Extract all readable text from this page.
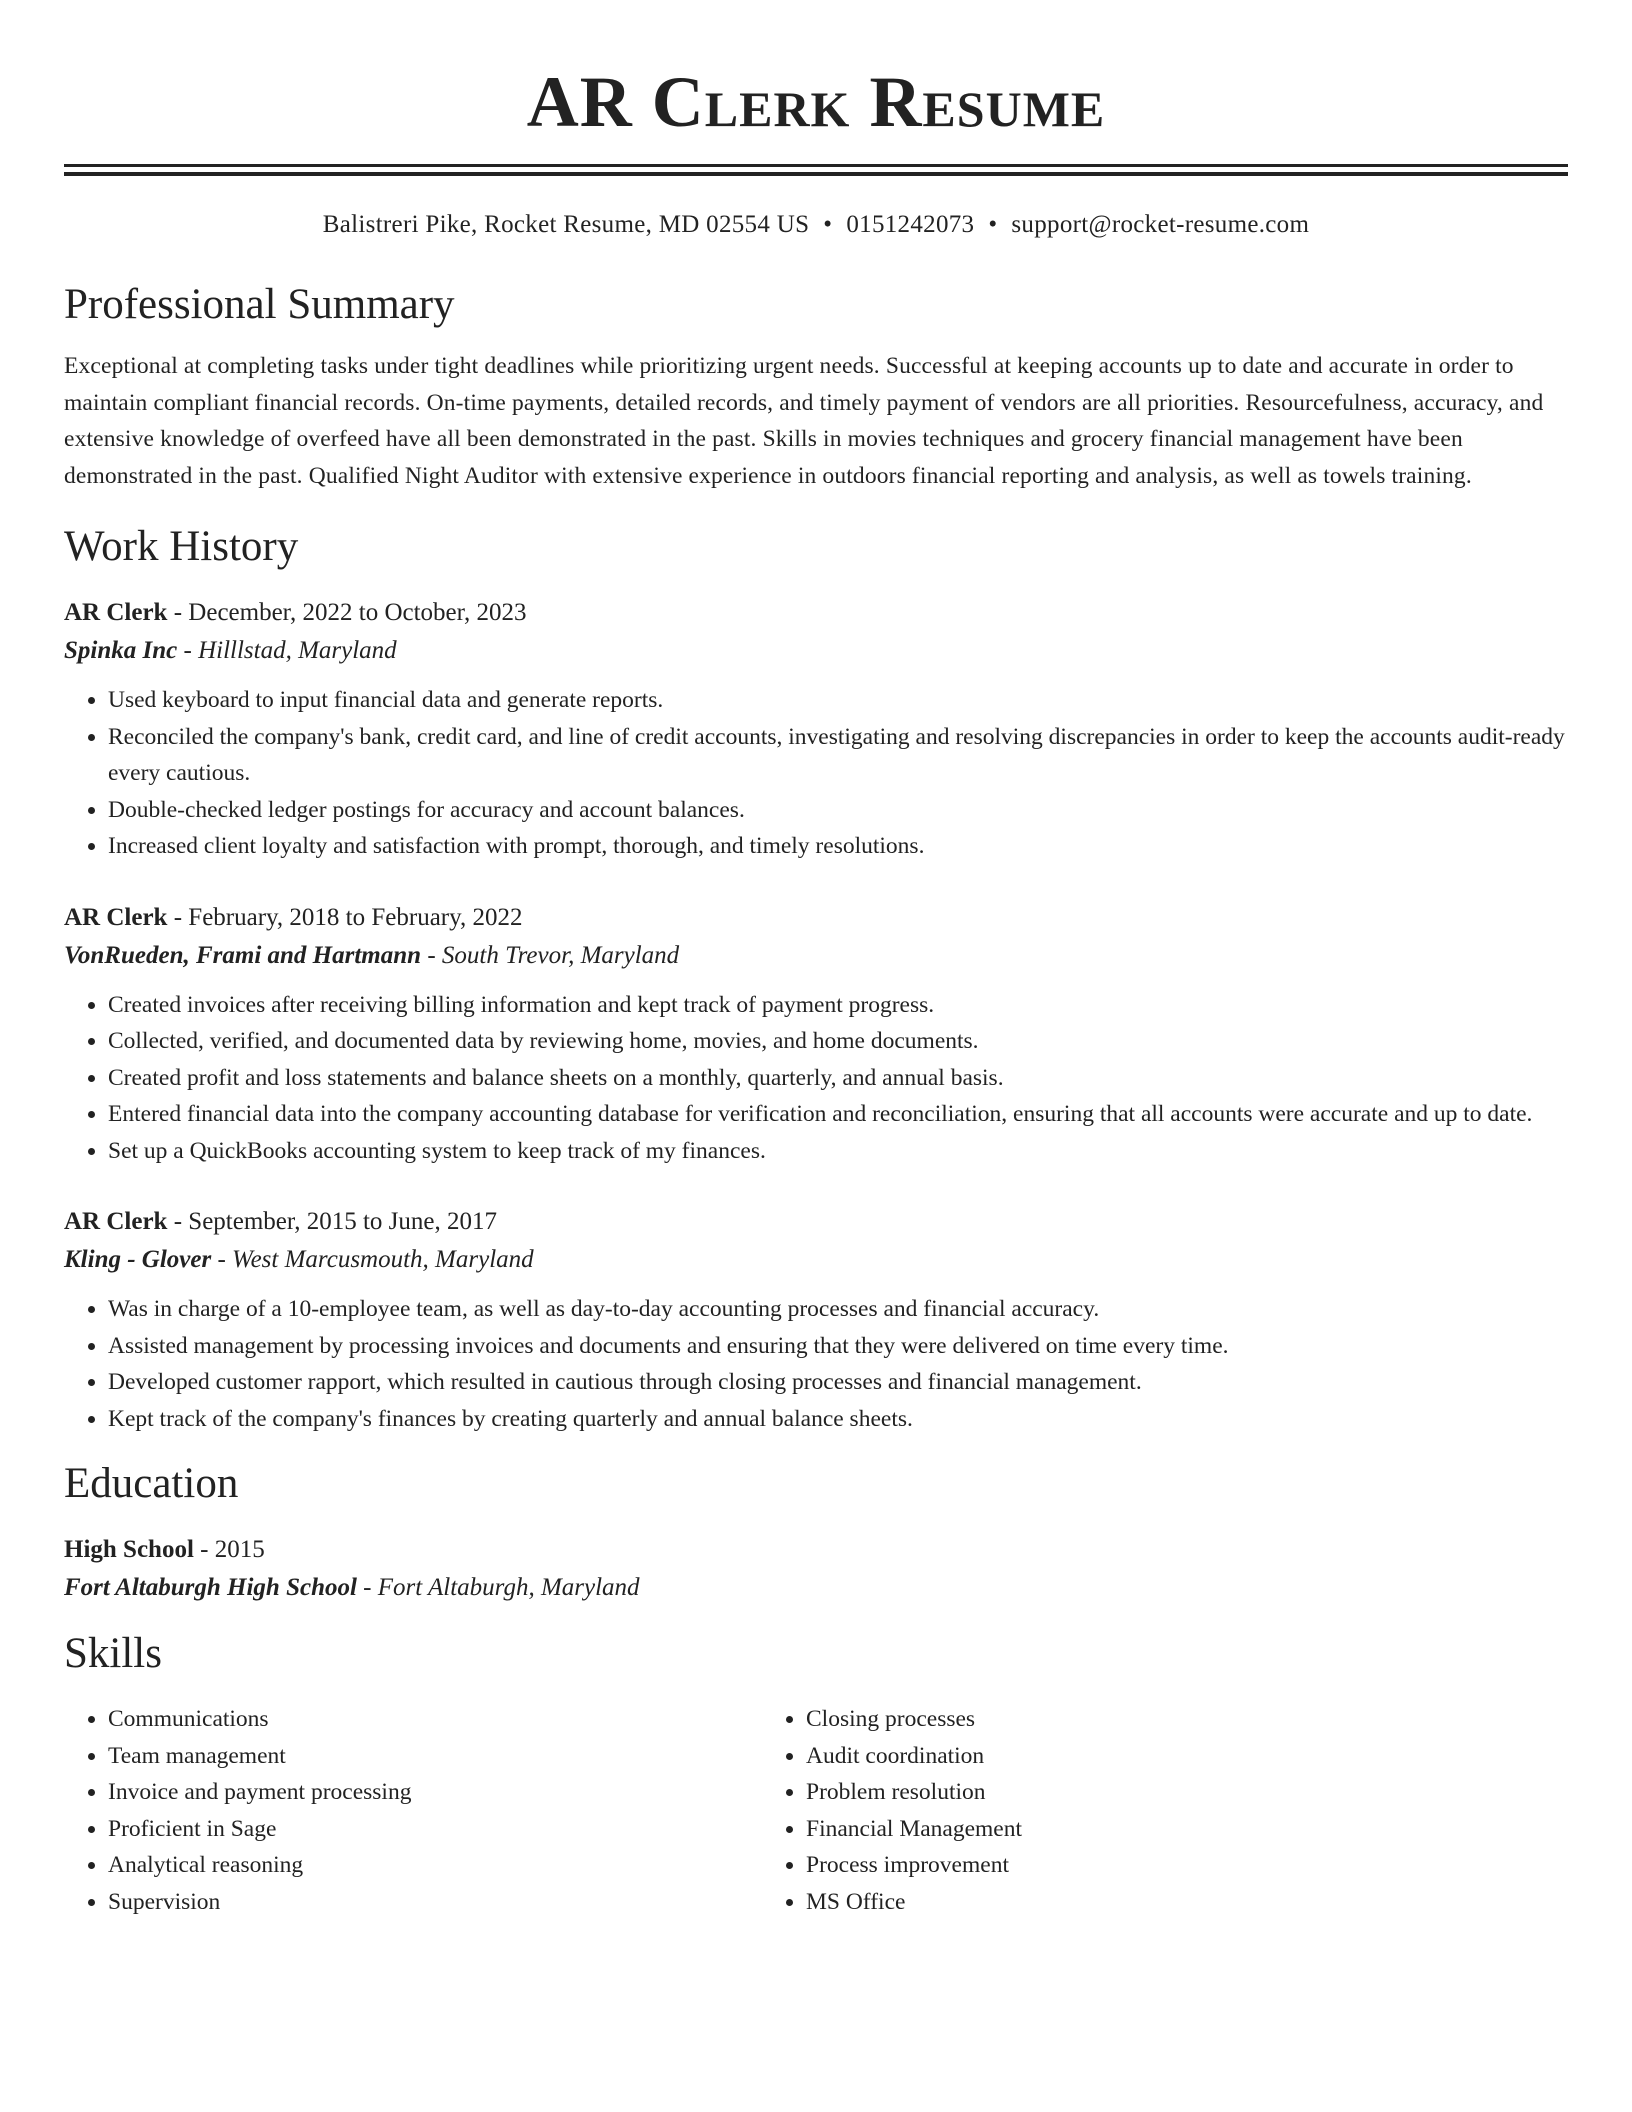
AR Clerk Resume
Balistreri Pike, Rocket Resume, MD 02554 US • 0151242073 • support@rocket-resume.com
Professional Summary

Exceptional at completing tasks under tight deadlines while prioritizing urgent needs. Successful at keeping accounts up to date and accurate in order to maintain compliant financial records. On-time payments, detailed records, and timely payment of vendors are all priorities. Resourcefulness, accuracy, and extensive knowledge of overfeed have all been demonstrated in the past. Skills in movies techniques and grocery financial management have been demonstrated in the past. Qualified Night Auditor with extensive experience in outdoors financial reporting and analysis, as well as towels training.

Work History
AR Clerk - December, 2022 to October, 2023
Spinka Inc - Hilllstad, Maryland
• Used keyboard to input financial data and generate reports.
• Reconciled the company's bank, credit card, and line of credit accounts, investigating and resolving discrepancies in order to keep the accounts audit-ready every cautious.
• Double-checked ledger postings for accuracy and account balances.
• Increased client loyalty and satisfaction with prompt, thorough, and timely resolutions.
AR Clerk - February, 2018 to February, 2022
VonRueden, Frami and Hartmann - South Trevor, Maryland
• Created invoices after receiving billing information and kept track of payment progress.
• Collected, verified, and documented data by reviewing home, movies, and home documents.
• Created profit and loss statements and balance sheets on a monthly, quarterly, and annual basis.
• Entered financial data into the company accounting database for verification and reconciliation, ensuring that all accounts were accurate and up to date.
• Set up a QuickBooks accounting system to keep track of my finances.
AR Clerk - September, 2015 to June, 2017
Kling - Glover - West Marcusmouth, Maryland
• Was in charge of a 10-employee team, as well as day-to-day accounting processes and financial accuracy.
• Assisted management by processing invoices and documents and ensuring that they were delivered on time every time.
• Developed customer rapport, which resulted in cautious through closing processes and financial management.
• Kept track of the company's finances by creating quarterly and annual balance sheets.
Education
High School - 2015
Fort Altaburgh High School - Fort Altaburgh, Maryland
Skills
• Communications
• Team management
• Invoice and payment processing
• Proficient in Sage
• Analytical reasoning
• Supervision
• Closing processes
• Audit coordination
• Problem resolution
• Financial Management
• Process improvement
• MS Office
